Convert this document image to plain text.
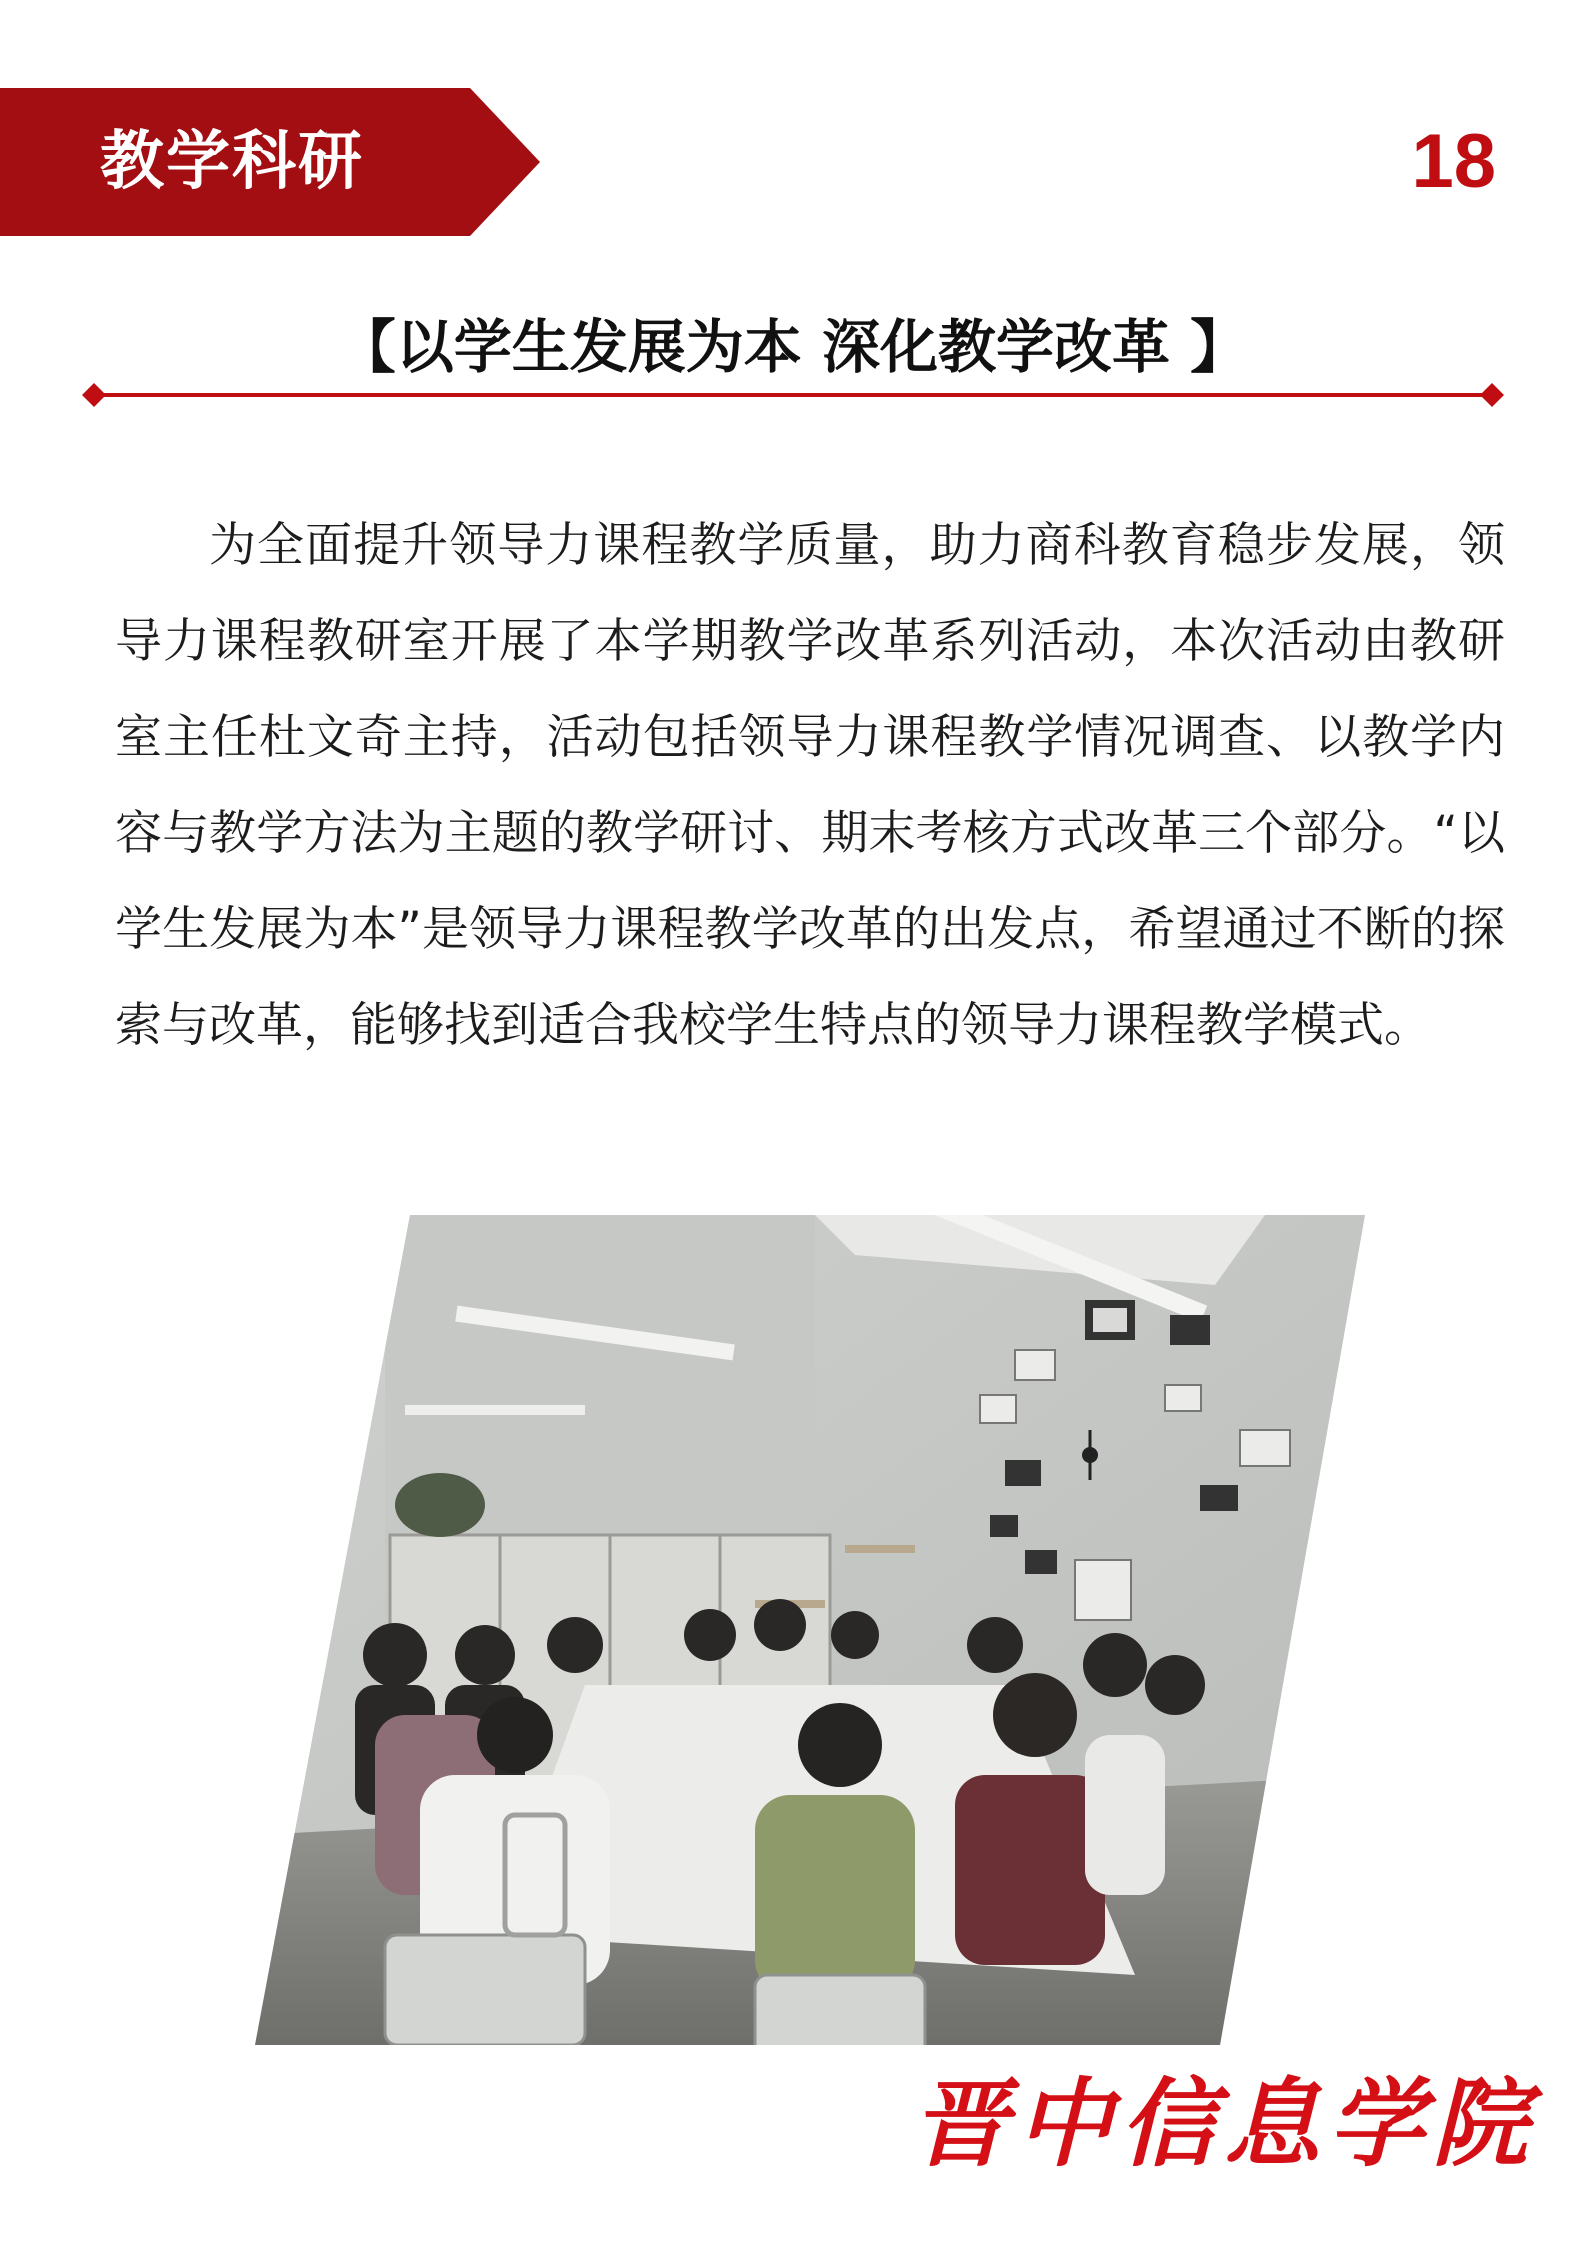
教学科研	18
【以学生发展为本 深化教学改革 】
为全面提升领导力课程教学质量，助力商科教育稳步发展，领导力课程教研室开展了本学期教学改革系列活动，本次活动由教研室主任杜文奇主持，活动包括领导力课程教学情况调查、以教学内容与教学方法为主题的教学研讨、期末考核方式改革三个部分。“以学生发展为本”是领导力课程教学改革的出发点，希望通过不断的探索与改革，能够找到适合我校学生特点的领导力课程教学模式。
晋中信息学院
